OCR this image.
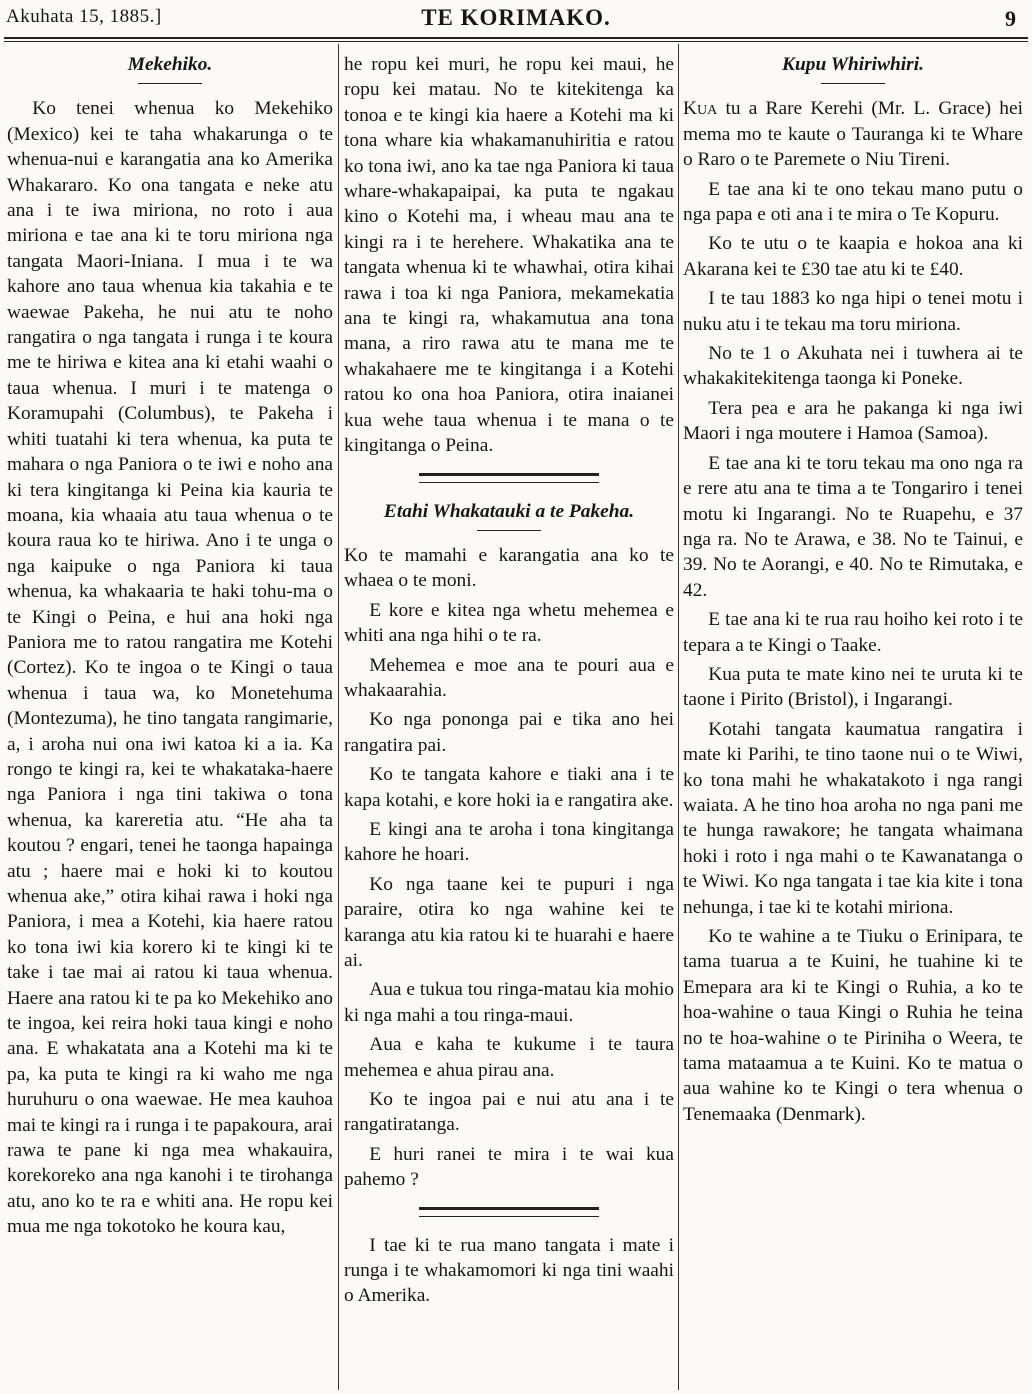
Akuhata 15, 1885.]	TE KORIMAKO.	9
Mekehiko.

Ko tenei whenua ko Mekehiko (Mexico) kei te taha whakarunga o te whenua-nui e karangatia ana ko Amerika Whakararo. Ko ona tangata e neke atu ana i te iwa miriona, no roto i aua miriona e tae ana ki te toru miriona nga tangata Maori-Iniana. I mua i te wa kahore ano taua whenua kia takahia e te waewae Pakeha, he nui atu te noho rangatira o nga tangata i runga i te koura me te hiriwa e kitea ana ki etahi waahi o taua whenua. I muri i te matenga o Koramupahi (Columbus), te Pakeha i whiti tuatahi ki tera whenua, ka puta te mahara o nga Paniora o te iwi e noho ana ki tera kingitanga ki Peina kia kauria te moana, kia whaaia atu taua whenua o te koura raua ko te hiriwa. Ano i te unga o nga kaipuke o nga Paniora ki taua whenua, ka whakaaria te haki tohu-ma o te Kingi o Peina, e hui ana hoki nga Paniora me to ratou rangatira me Kotehi (Cortez). Ko te ingoa o te Kingi o taua whenua i taua wa, ko Monetehuma (Montezuma), he tino tangata rangimarie, a, i aroha nui ona iwi katoa ki a ia. Ka rongo te kingi ra, kei te whakataka-haere nga Paniora i nga tini takiwa o tona whenua, ka kareretia atu. “He aha ta koutou ? engari, tenei he taonga hapainga atu ; haere mai e hoki ki to koutou whenua ake,” otira kihai rawa i hoki nga Paniora, i mea a Kotehi, kia haere ratou ko tona iwi kia korero ki te kingi ki te take i tae mai ai ratou ki taua whenua. Haere ana ratou ki te pa ko Mekehiko ano te ingoa, kei reira hoki taua kingi e noho ana. E whakatata ana a Kotehi ma ki te pa, ka puta te kingi ra ki waho me nga huruhuru o ona waewae. He mea kauhoa mai te kingi ra i runga i te papakoura, arai rawa te pane ki nga mea whakauira, korekoreko ana nga kanohi i te tirohanga atu, ano ko te ra e whiti ana. He ropu kei mua me nga tokotoko he koura kau,

he ropu kei muri, he ropu kei maui, he ropu kei matau. No te kitekitenga ka tonoa e te kingi kia haere a Kotehi ma ki tona whare kia whakamanuhiritia e ratou ko tona iwi, ano ka tae nga Paniora ki taua whare-whakapaipai, ka puta te ngakau kino o Kotehi ma, i wheau mau ana te kingi ra i te herehere. Whakatika ana te tangata whenua ki te whawhai, otira kihai rawa i toa ki nga Paniora, mekamekatia ana te kingi ra, whakamutua ana tona mana, a riro rawa atu te mana me te whakahaere me te kingitanga i a Kotehi ratou ko ona hoa Paniora, otira inaianei kua wehe taua whenua i te mana o te kingitanga o Peina.

Etahi Whakatauki a te Pakeha.

Ko te mamahi e karangatia ana ko te whaea o te moni.

E kore e kitea nga whetu mehemea e whiti ana nga hihi o te ra.

Mehemea e moe ana te pouri aua e whakaarahia.

Ko nga pononga pai e tika ano hei rangatira pai.

Ko te tangata kahore e tiaki ana i te kapa kotahi, e kore hoki ia e rangatira ake.

E kingi ana te aroha i tona kingitanga kahore he hoari.

Ko nga taane kei te pupuri i nga paraire, otira ko nga wahine kei te karanga atu kia ratou ki te huarahi e haere ai.

Aua e tukua tou ringa-matau kia mohio ki nga mahi a tou ringa-maui.

Aua e kaha te kukume i te taura mehemea e ahua pirau ana.

Ko te ingoa pai e nui atu ana i te rangatiratanga.

E huri ranei te mira i te wai kua pahemo ?

I tae ki te rua mano tangata i mate i runga i te whakamomori ki nga tini waahi o Amerika.

Kupu Whiriwhiri.

Kua tu a Rare Kerehi (Mr. L. Grace) hei mema mo te kaute o Tauranga ki te Whare o Raro o te Paremete o Niu Tireni.

E tae ana ki te ono tekau mano putu o nga papa e oti ana i te mira o Te Kopuru.

Ko te utu o te kaapia e hokoa ana ki Akarana kei te £30 tae atu ki te £40.

I te tau 1883 ko nga hipi o tenei motu i nuku atu i te tekau ma toru miriona.

No te 1 o Akuhata nei i tuwhera ai te whakakitekitenga taonga ki Poneke.

Tera pea e ara he pakanga ki nga iwi Maori i nga moutere i Hamoa (Samoa).

E tae ana ki te toru tekau ma ono nga ra e rere atu ana te tima a te Tongariro i tenei motu ki Ingarangi. No te Ruapehu, e 37 nga ra. No te Arawa, e 38. No te Tainui, e 39. No te Aorangi, e 40. No te Rimutaka, e 42.

E tae ana ki te rua rau hoiho kei roto i te tepara a te Kingi o Taake.

Kua puta te mate kino nei te uruta ki te taone i Pirito (Bristol), i Ingarangi.

Kotahi tangata kaumatua rangatira i mate ki Parihi, te tino taone nui o te Wiwi, ko tona mahi he whakatakoto i nga rangi waiata. A he tino hoa aroha no nga pani me te hunga rawakore; he tangata whaimana hoki i roto i nga mahi o te Kawanatanga o te Wiwi. Ko nga tangata i tae kia kite i tona nehunga, i tae ki te kotahi miriona.

Ko te wahine a te Tiuku o Erinipara, te tama tuarua a te Kuini, he tuahine ki te Emepara ara ki te Kingi o Ruhia, a ko te hoa-wahine o taua Kingi o Ruhia he teina no te hoa-wahine o te Piriniha o Weera, te tama mataamua a te Kuini. Ko te matua o aua wahine ko te Kingi o tera whenua o Tenemaaka (Denmark).
